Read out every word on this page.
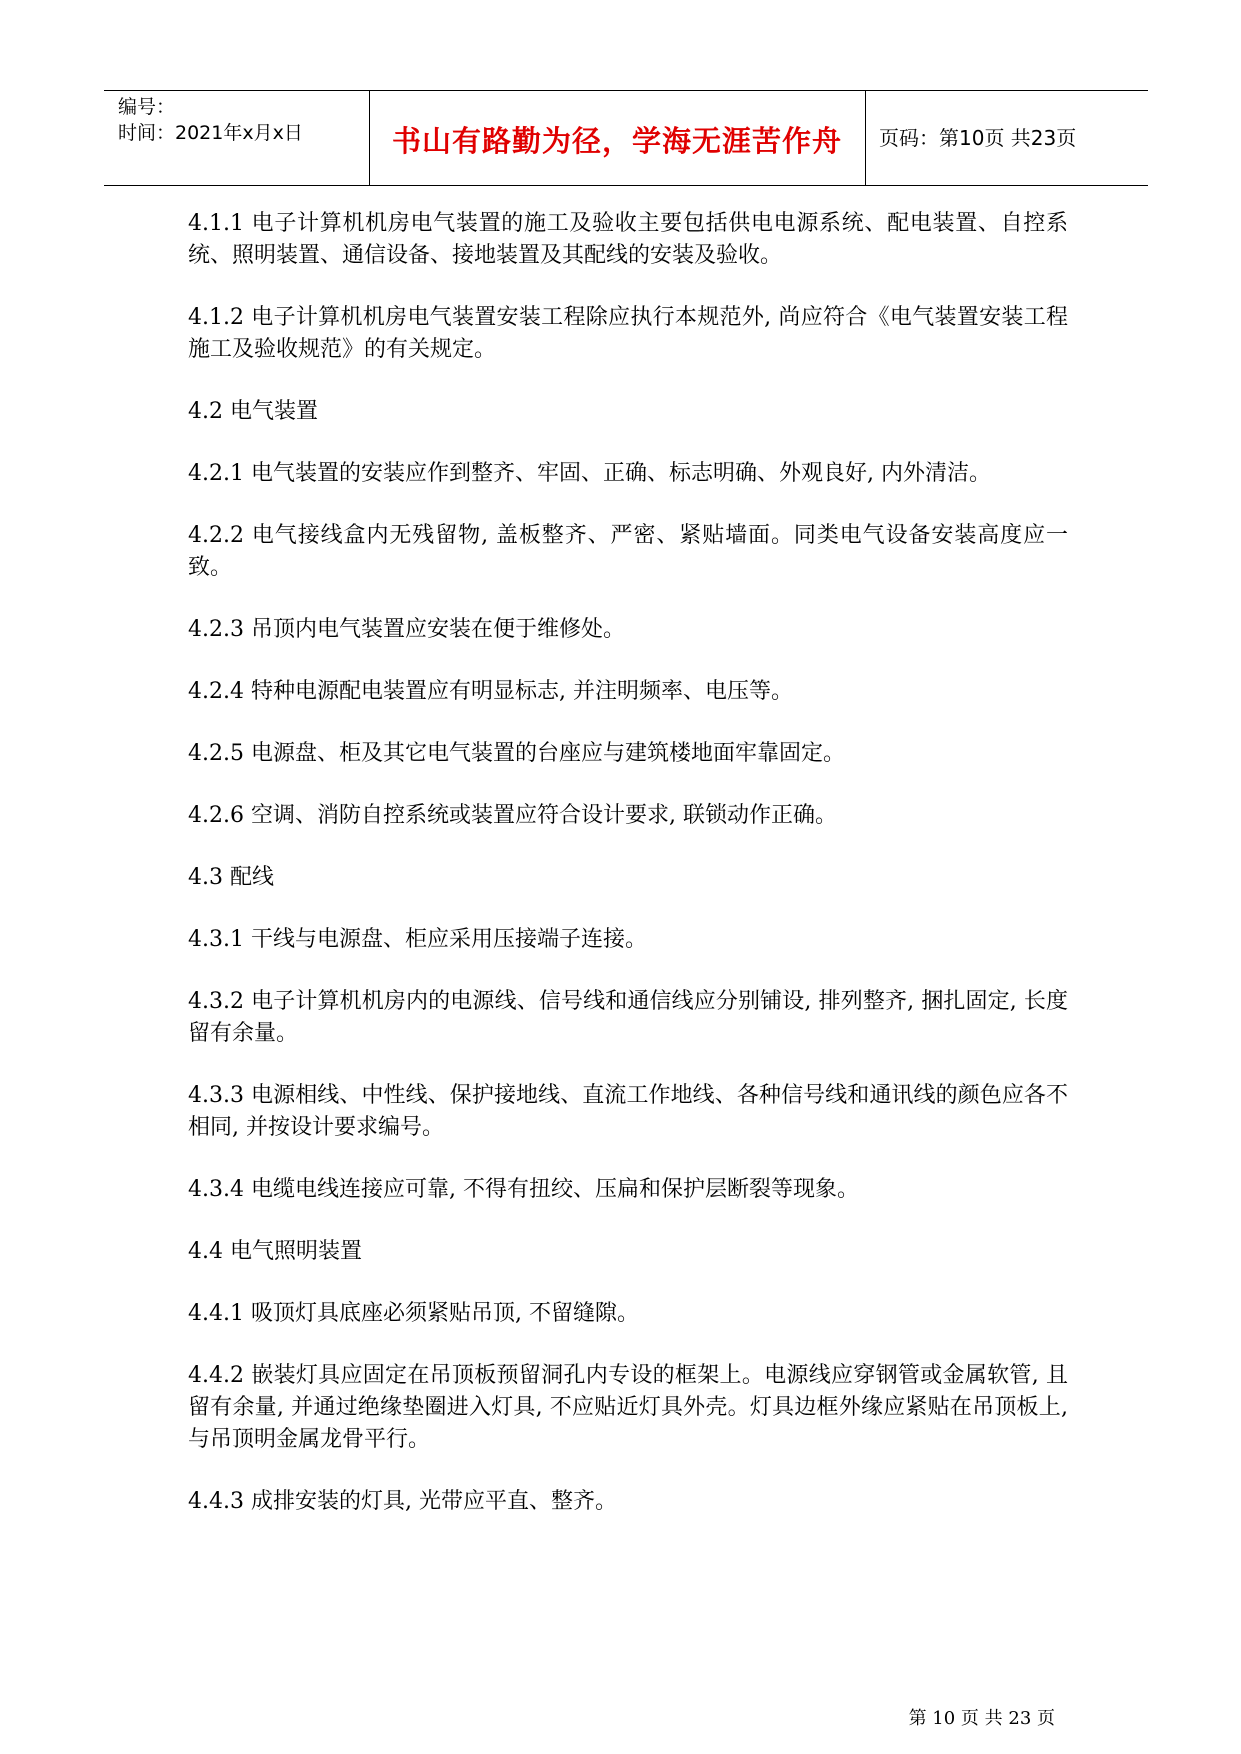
编号：
时间：2021年x月x日	书山有路勤为径，学海无涯苦作舟	页码：第10页 共23页

4.1.1 电子计算机机房电气装置的施工及验收主要包括供电电源系统、配电装置、自控系统、照明装置、通信设备、接地装置及其配线的安装及验收。

4.1.2 电子计算机机房电气装置安装工程除应执行本规范外, 尚应符合《电气装置安装工程施工及验收规范》的有关规定。

4.2 电气装置

4.2.1 电气装置的安装应作到整齐、牢固、正确、标志明确、外观良好, 内外清洁。

4.2.2 电气接线盒内无残留物, 盖板整齐、严密、紧贴墙面。同类电气设备安装高度应一致。

4.2.3 吊顶内电气装置应安装在便于维修处。

4.2.4 特种电源配电装置应有明显标志, 并注明频率、电压等。

4.2.5 电源盘、柜及其它电气装置的台座应与建筑楼地面牢靠固定。

4.2.6 空调、消防自控系统或装置应符合设计要求, 联锁动作正确。

4.3 配线

4.3.1 干线与电源盘、柜应采用压接端子连接。

4.3.2 电子计算机机房内的电源线、信号线和通信线应分别铺设, 排列整齐, 捆扎固定, 长度留有余量。

4.3.3 电源相线、中性线、保护接地线、直流工作地线、各种信号线和通讯线的颜色应各不相同, 并按设计要求编号。

4.3.4 电缆电线连接应可靠, 不得有扭绞、压扁和保护层断裂等现象。

4.4 电气照明装置

4.4.1 吸顶灯具底座必须紧贴吊顶, 不留缝隙。

4.4.2 嵌装灯具应固定在吊顶板预留洞孔内专设的框架上。电源线应穿钢管或金属软管, 且留有余量, 并通过绝缘垫圈进入灯具, 不应贴近灯具外壳。灯具边框外缘应紧贴在吊顶板上, 与吊顶明金属龙骨平行。

4.4.3 成排安装的灯具, 光带应平直、整齐。

第 10 页 共 23 页
